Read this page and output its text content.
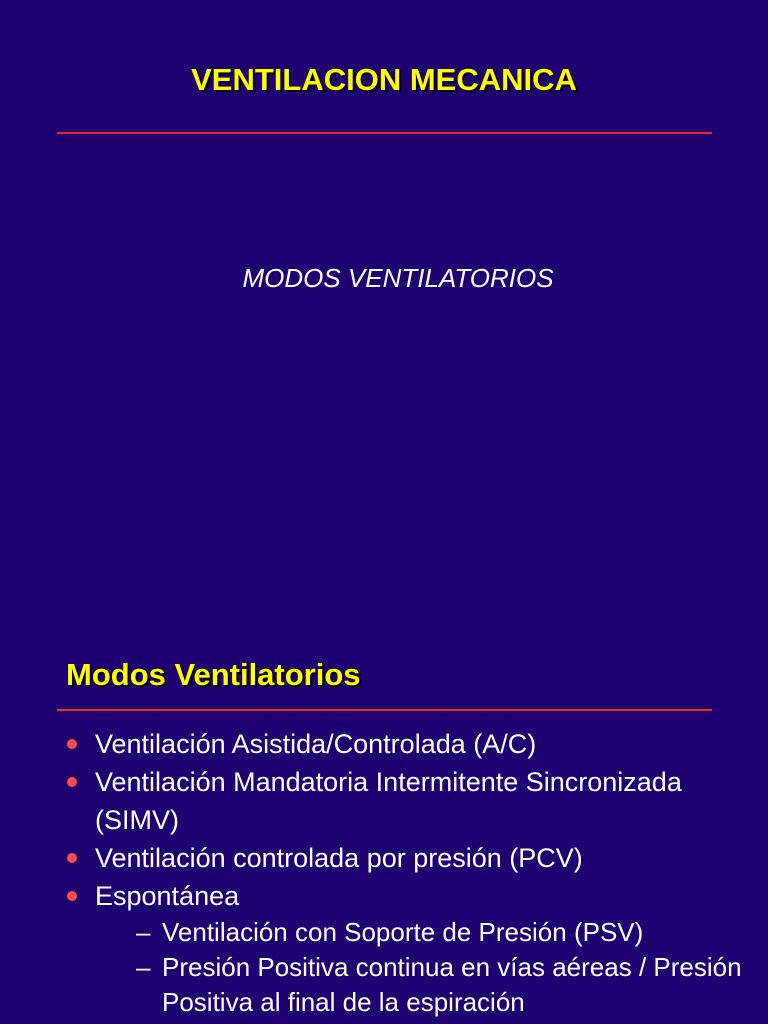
VENTILACION MECANICA

MODOS VENTILATORIOS

Modos Ventilatorios
Ventilación Asistida/Controlada (A/C)
Ventilación Mandatoria Intermitente Sincronizada (SIMV)
Ventilación controlada por presión (PCV)
Espontánea
– Ventilación con Soporte de Presión (PSV)
– Presión Positiva continua en vías aéreas / Presión Positiva al final de la espiración
